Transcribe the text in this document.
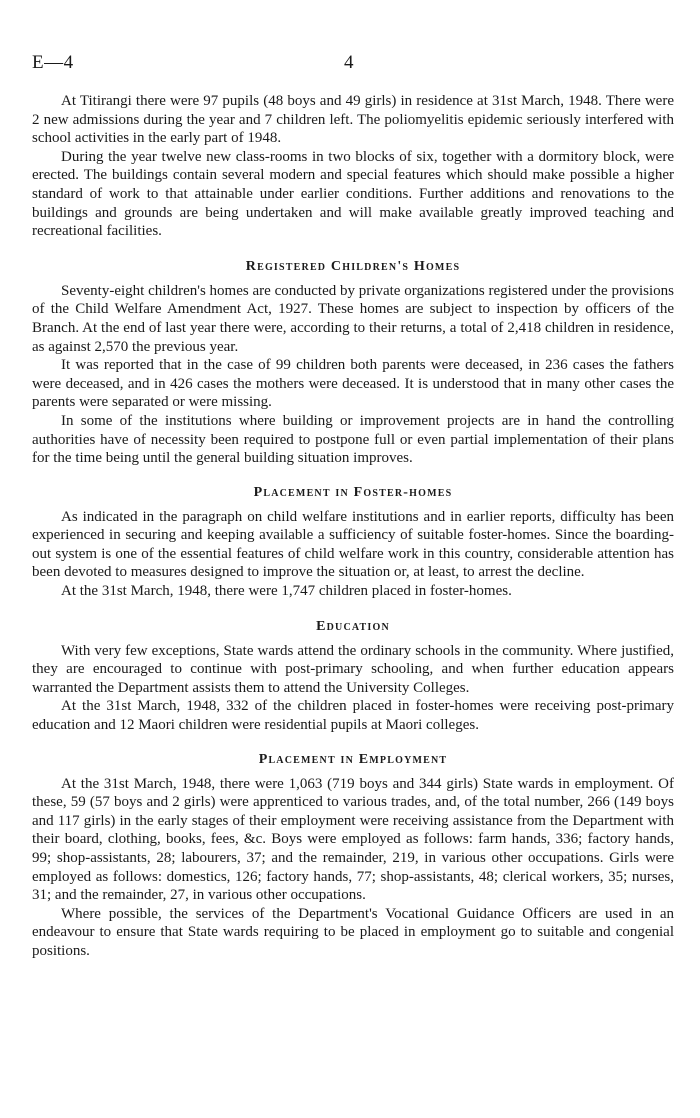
E—4	4

At Titirangi there were 97 pupils (48 boys and 49 girls) in residence at 31st March, 1948. There were 2 new admissions during the year and 7 children left. The poliomyelitis epidemic seriously interfered with school activities in the early part of 1948.

During the year twelve new class-rooms in two blocks of six, together with a dormitory block, were erected. The buildings contain several modern and special features which should make possible a higher standard of work to that attainable under earlier conditions. Further additions and renovations to the buildings and grounds are being undertaken and will make available greatly improved teaching and recreational facilities.

Registered Children's Homes

Seventy-eight children's homes are conducted by private organizations registered under the provisions of the Child Welfare Amendment Act, 1927. These homes are subject to inspection by officers of the Branch. At the end of last year there were, according to their returns, a total of 2,418 children in residence, as against 2,570 the previous year.

It was reported that in the case of 99 children both parents were deceased, in 236 cases the fathers were deceased, and in 426 cases the mothers were deceased. It is understood that in many other cases the parents were separated or were missing.

In some of the institutions where building or improvement projects are in hand the controlling authorities have of necessity been required to postpone full or even partial implementation of their plans for the time being until the general building situation improves.

Placement in Foster-homes

As indicated in the paragraph on child welfare institutions and in earlier reports, difficulty has been experienced in securing and keeping available a sufficiency of suitable foster-homes. Since the boarding-out system is one of the essential features of child welfare work in this country, considerable attention has been devoted to measures designed to improve the situation or, at least, to arrest the decline.

At the 31st March, 1948, there were 1,747 children placed in foster-homes.

Education

With very few exceptions, State wards attend the ordinary schools in the community. Where justified, they are encouraged to continue with post-primary schooling, and when further education appears warranted the Department assists them to attend the University Colleges.

At the 31st March, 1948, 332 of the children placed in foster-homes were receiving post-primary education and 12 Maori children were residential pupils at Maori colleges.

Placement in Employment

At the 31st March, 1948, there were 1,063 (719 boys and 344 girls) State wards in employment. Of these, 59 (57 boys and 2 girls) were apprenticed to various trades, and, of the total number, 266 (149 boys and 117 girls) in the early stages of their employment were receiving assistance from the Department with their board, clothing, books, fees, &c. Boys were employed as follows: farm hands, 336; factory hands, 99; shop-assistants, 28; labourers, 37; and the remainder, 219, in various other occupations. Girls were employed as follows: domestics, 126; factory hands, 77; shop-assistants, 48; clerical workers, 35; nurses, 31; and the remainder, 27, in various other occupations.

Where possible, the services of the Department's Vocational Guidance Officers are used in an endeavour to ensure that State wards requiring to be placed in employment go to suitable and congenial positions.
